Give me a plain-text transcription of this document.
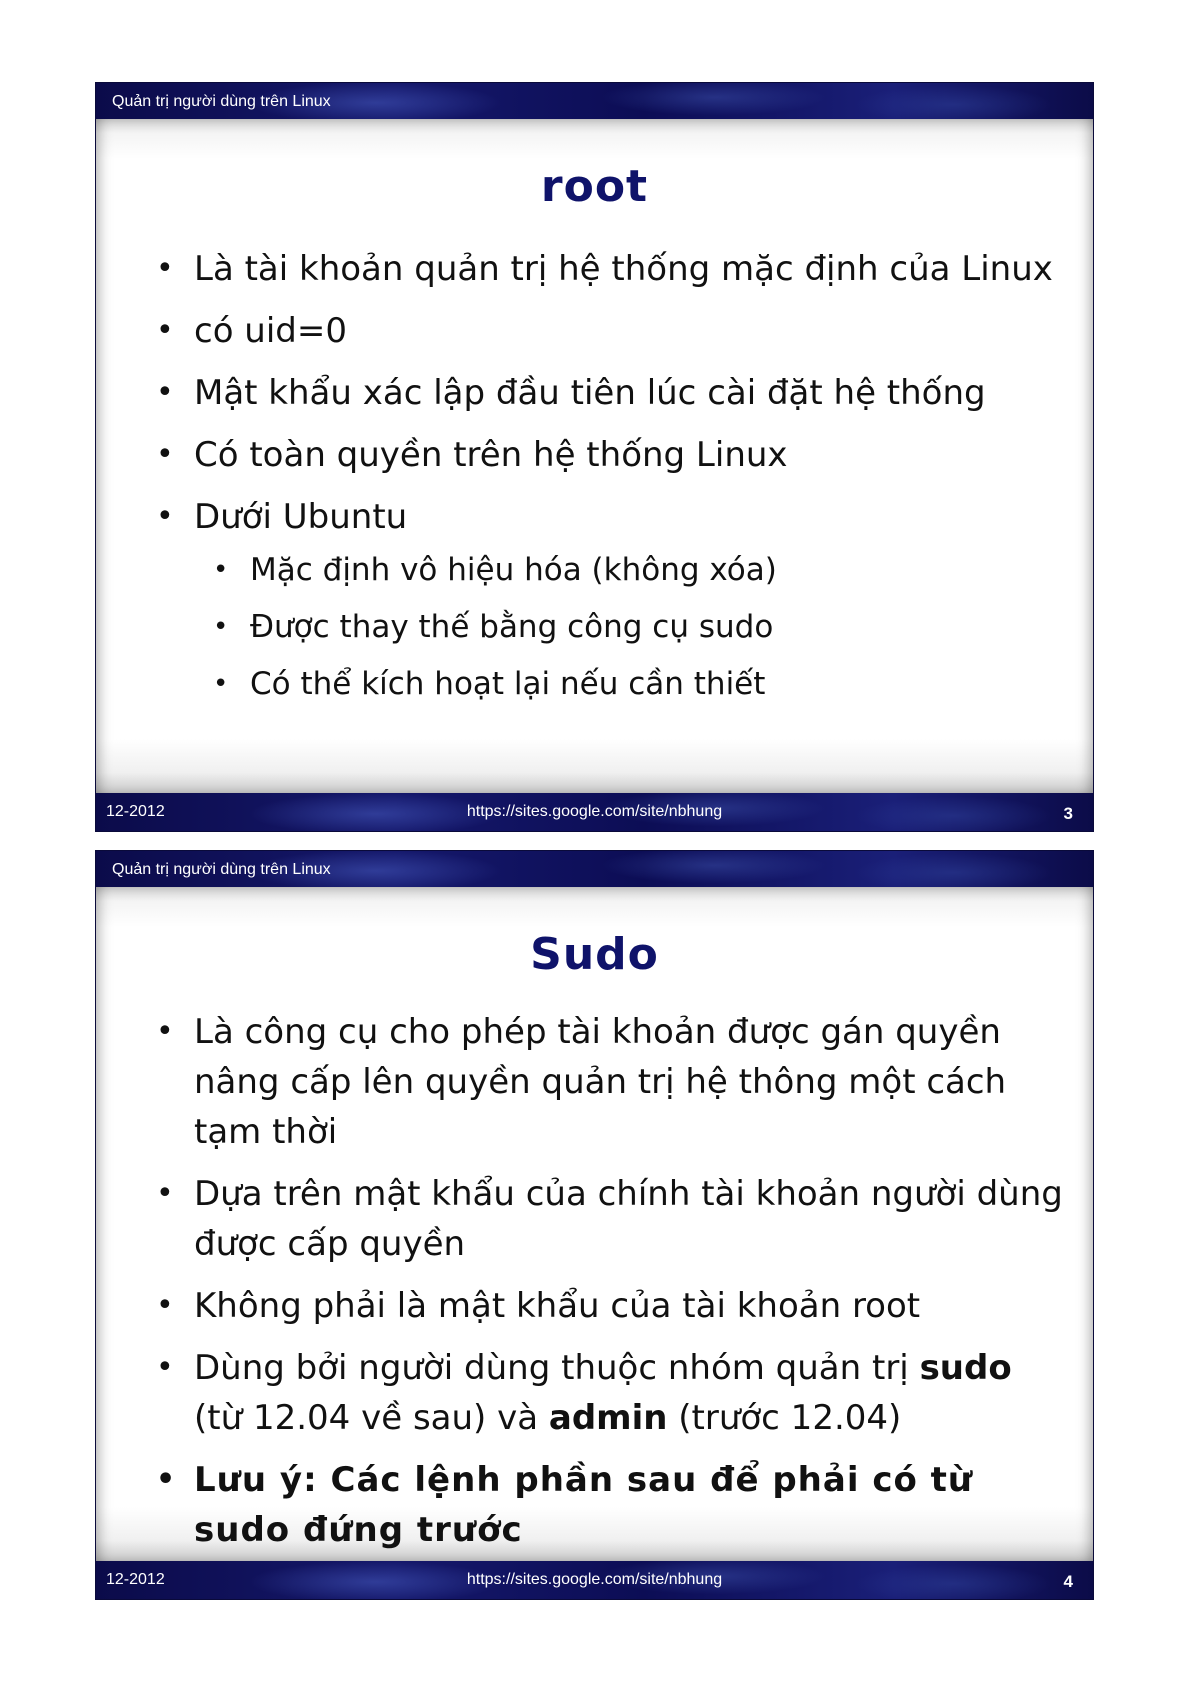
Quản trị người dùng trên Linux
root
• Là tài khoản quản trị hệ thống mặc định của Linux
• có uid=0
• Mật khẩu xác lập đầu tiên lúc cài đặt hệ thống
• Có toàn quyền trên hệ thống Linux
• Dưới Ubuntu
• Mặc định vô hiệu hóa (không xóa)
• Được thay thế bằng công cụ sudo
• Có thể kích hoạt lại nếu cần thiết
12-2012	https://sites.google.com/site/nbhung	3
Quản trị người dùng trên Linux
Sudo
• Là công cụ cho phép tài khoản được gán quyền nâng cấp lên quyền quản trị hệ thông một cách tạm thời
• Dựa trên mật khẩu của chính tài khoản người dùng được cấp quyền
• Không phải là mật khẩu của tài khoản root
• Dùng bởi người dùng thuộc nhóm quản trị sudo (từ 12.04 về sau) và admin (trước 12.04)
• Lưu ý: Các lệnh phần sau để phải có từ sudo đứng trước
12-2012	https://sites.google.com/site/nbhung	4
